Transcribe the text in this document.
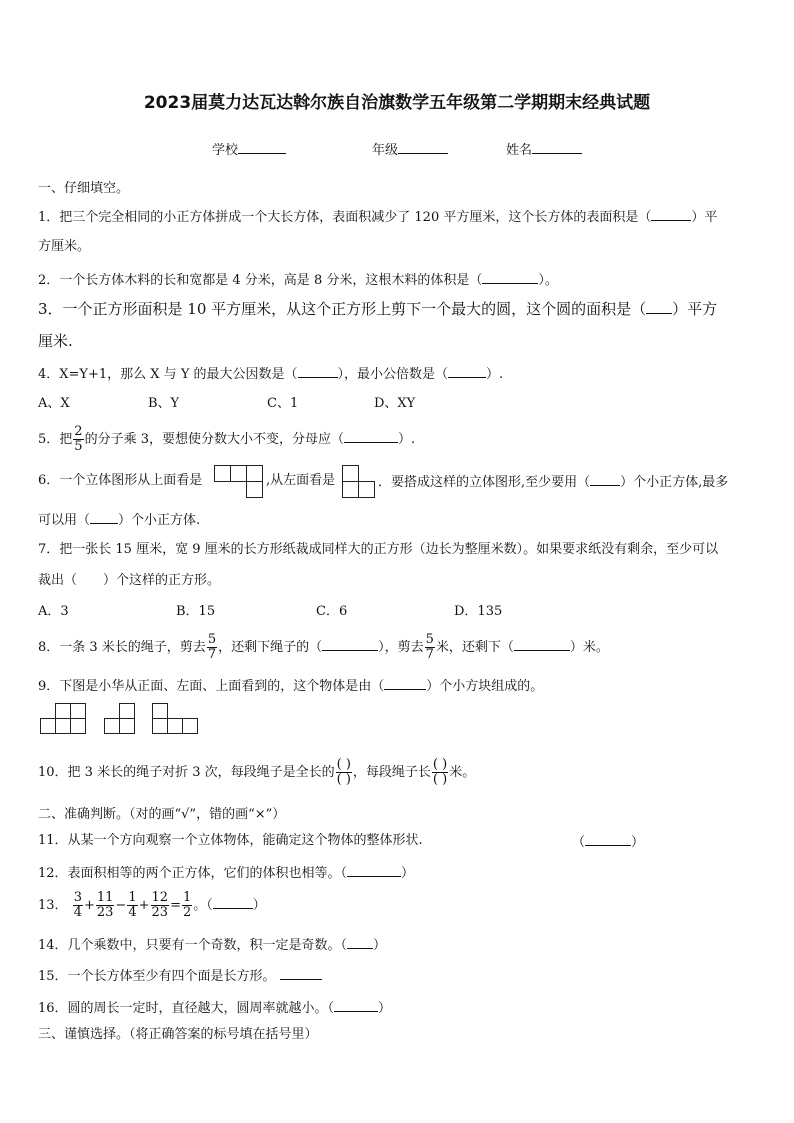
2023届莫力达瓦达斡尔族自治旗数学五年级第二学期期末经典试题
学校	年级	姓名
一、仔细填空。
1．把三个完全相同的小正方体拼成一个大长方体，表面积减少了 120 平方厘米，这个长方体的表面积是（	）平
方厘米。
2．一个长方体木料的长和宽都是 4 分米，高是 8 分米，这根木料的体积是（	）。
3．一个正方形面积是 10 平方厘米，从这个正方形上剪下一个最大的圆，这个圆的面积是（ ）平方
厘米.
4．X=Y+1，那么 X 与 Y 的最大公因数是（	），最小公倍数是（	）.
A、X	B、Y	C、1	D、XY
5．把 $\frac{2}{5}$ 的分子乘 3，要想使分数大小不变，分母应（	）.
6．一个立体图形从上面看是	,从左面看是	．要搭成这样的立体图形,至少要用（ ）个小正方体,最多
可以用（ ）个小正方体.
7．把一张长 15 厘米，宽 9 厘米的长方形纸裁成同样大的正方形（边长为整厘米数）。如果要求纸没有剩余，至少可以
裁出（　　）个这样的正方形。
A．3	B．15	C．6	D．135
8．一条 3 米长的绳子，剪去 $\frac{5}{7}$ ，还剩下绳子的（	），剪去 $\frac{5}{7}$ 米，还剩下（	）米。
9．下图是小华从正面、左面、上面看到的，这个物体是由（	）个小方块组成的。
10．把 3 米长的绳子对折 3 次，每段绳子是全长的 $\frac{( )}{( )}$ ，每段绳子长 $\frac{( )}{( )}$ 米。
二、准确判断。（对的画“√”，错的画“×”）
11．从某一个方向观察一个立体物体，能确定这个物体的整体形状.	（	）
12．表面积相等的两个正方体，它们的体积也相等。（	）
13． $\frac{3}{4} + \frac{11}{23} - \frac{1}{4} + \frac{12}{23} = \frac{1}{2}$ 。（	）
14．几个乘数中，只要有一个奇数，积一定是奇数。（ ）
15．一个长方体至少有四个面是长方形。
16．圆的周长一定时，直径越大，圆周率就越小。（	）
三、谨慎选择。（将正确答案的标号填在括号里）
